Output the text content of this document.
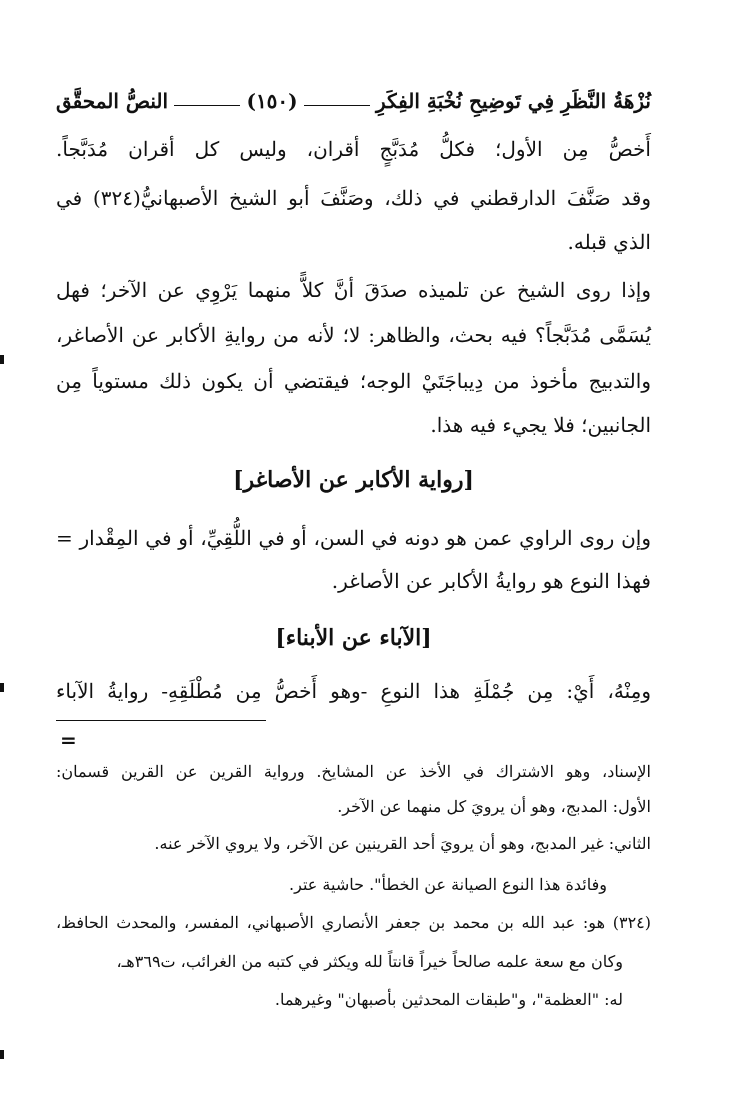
نُزْهَةُ النَّظَرِ فِي تَوضِيحِ نُخْبَةِ الفِكَرِ
(١٥٠)
النصُّ المحقَّق
أَخصُّ مِن الأول؛ فكلُّ مُدَبَّجٍ أقران، وليس كل أقران مُدَبَّجاً.
وقد صَنَّفَ الدارقطني في ذلك، وصَنَّفَ أبو الشيخ الأصبهانيُّ(٣٢٤) في
الذي قبله.
وإذا روى الشيخ عن تلميذه صدَقَ أنَّ كلاًّ منهما يَرْوِي عن الآخر؛ فهل
يُسَمَّى مُدَبَّجاً؟ فيه بحث، والظاهر: لا؛ لأنه من روايةِ الأكابر عن الأصاغر،
والتدبيج مأخوذ من دِيباجَتَيْ الوجه؛ فيقتضي أن يكون ذلك مستوياً مِن
الجانبين؛ فلا يجيء فيه هذا.
[رواية الأكابر عن الأصاغر]
وإن روى الراوي عمن هو دونه في السن، أو في اللُّقِيِّ، أو في المِقْدار =
فهذا النوع هو روايةُ الأكابر عن الأصاغر.
[الآباء عن الأبناء]
ومِنْهُ، أَيْ: مِن جُمْلَةِ هذا النوعِ -وهو أَخصُّ مِن مُطْلَقِهِ- روايةُ الآباء
=
الإسناد، وهو الاشتراك في الأخذ عن المشايخ. ورواية القرين عن القرين قسمان:
الأول: المدبج، وهو أن يرويَ كل منهما عن الآخر.
الثاني: غير المدبج، وهو أن يرويَ أحد القرينين عن الآخر، ولا يروي الآخر عنه.
وفائدة هذا النوع الصيانة عن الخطأ". حاشية عتر.
(٣٢٤) هو: عبد الله بن محمد بن جعفر الأنصاري الأصبهاني، المفسر، والمحدث الحافظ،
وكان مع سعة علمه صالحاً خيراً قانتاً لله ويكثر في كتبه من الغرائب، ت٣٦٩هـ،
له: "العظمة"، و"طبقات المحدثين بأصبهان" وغيرهما.
